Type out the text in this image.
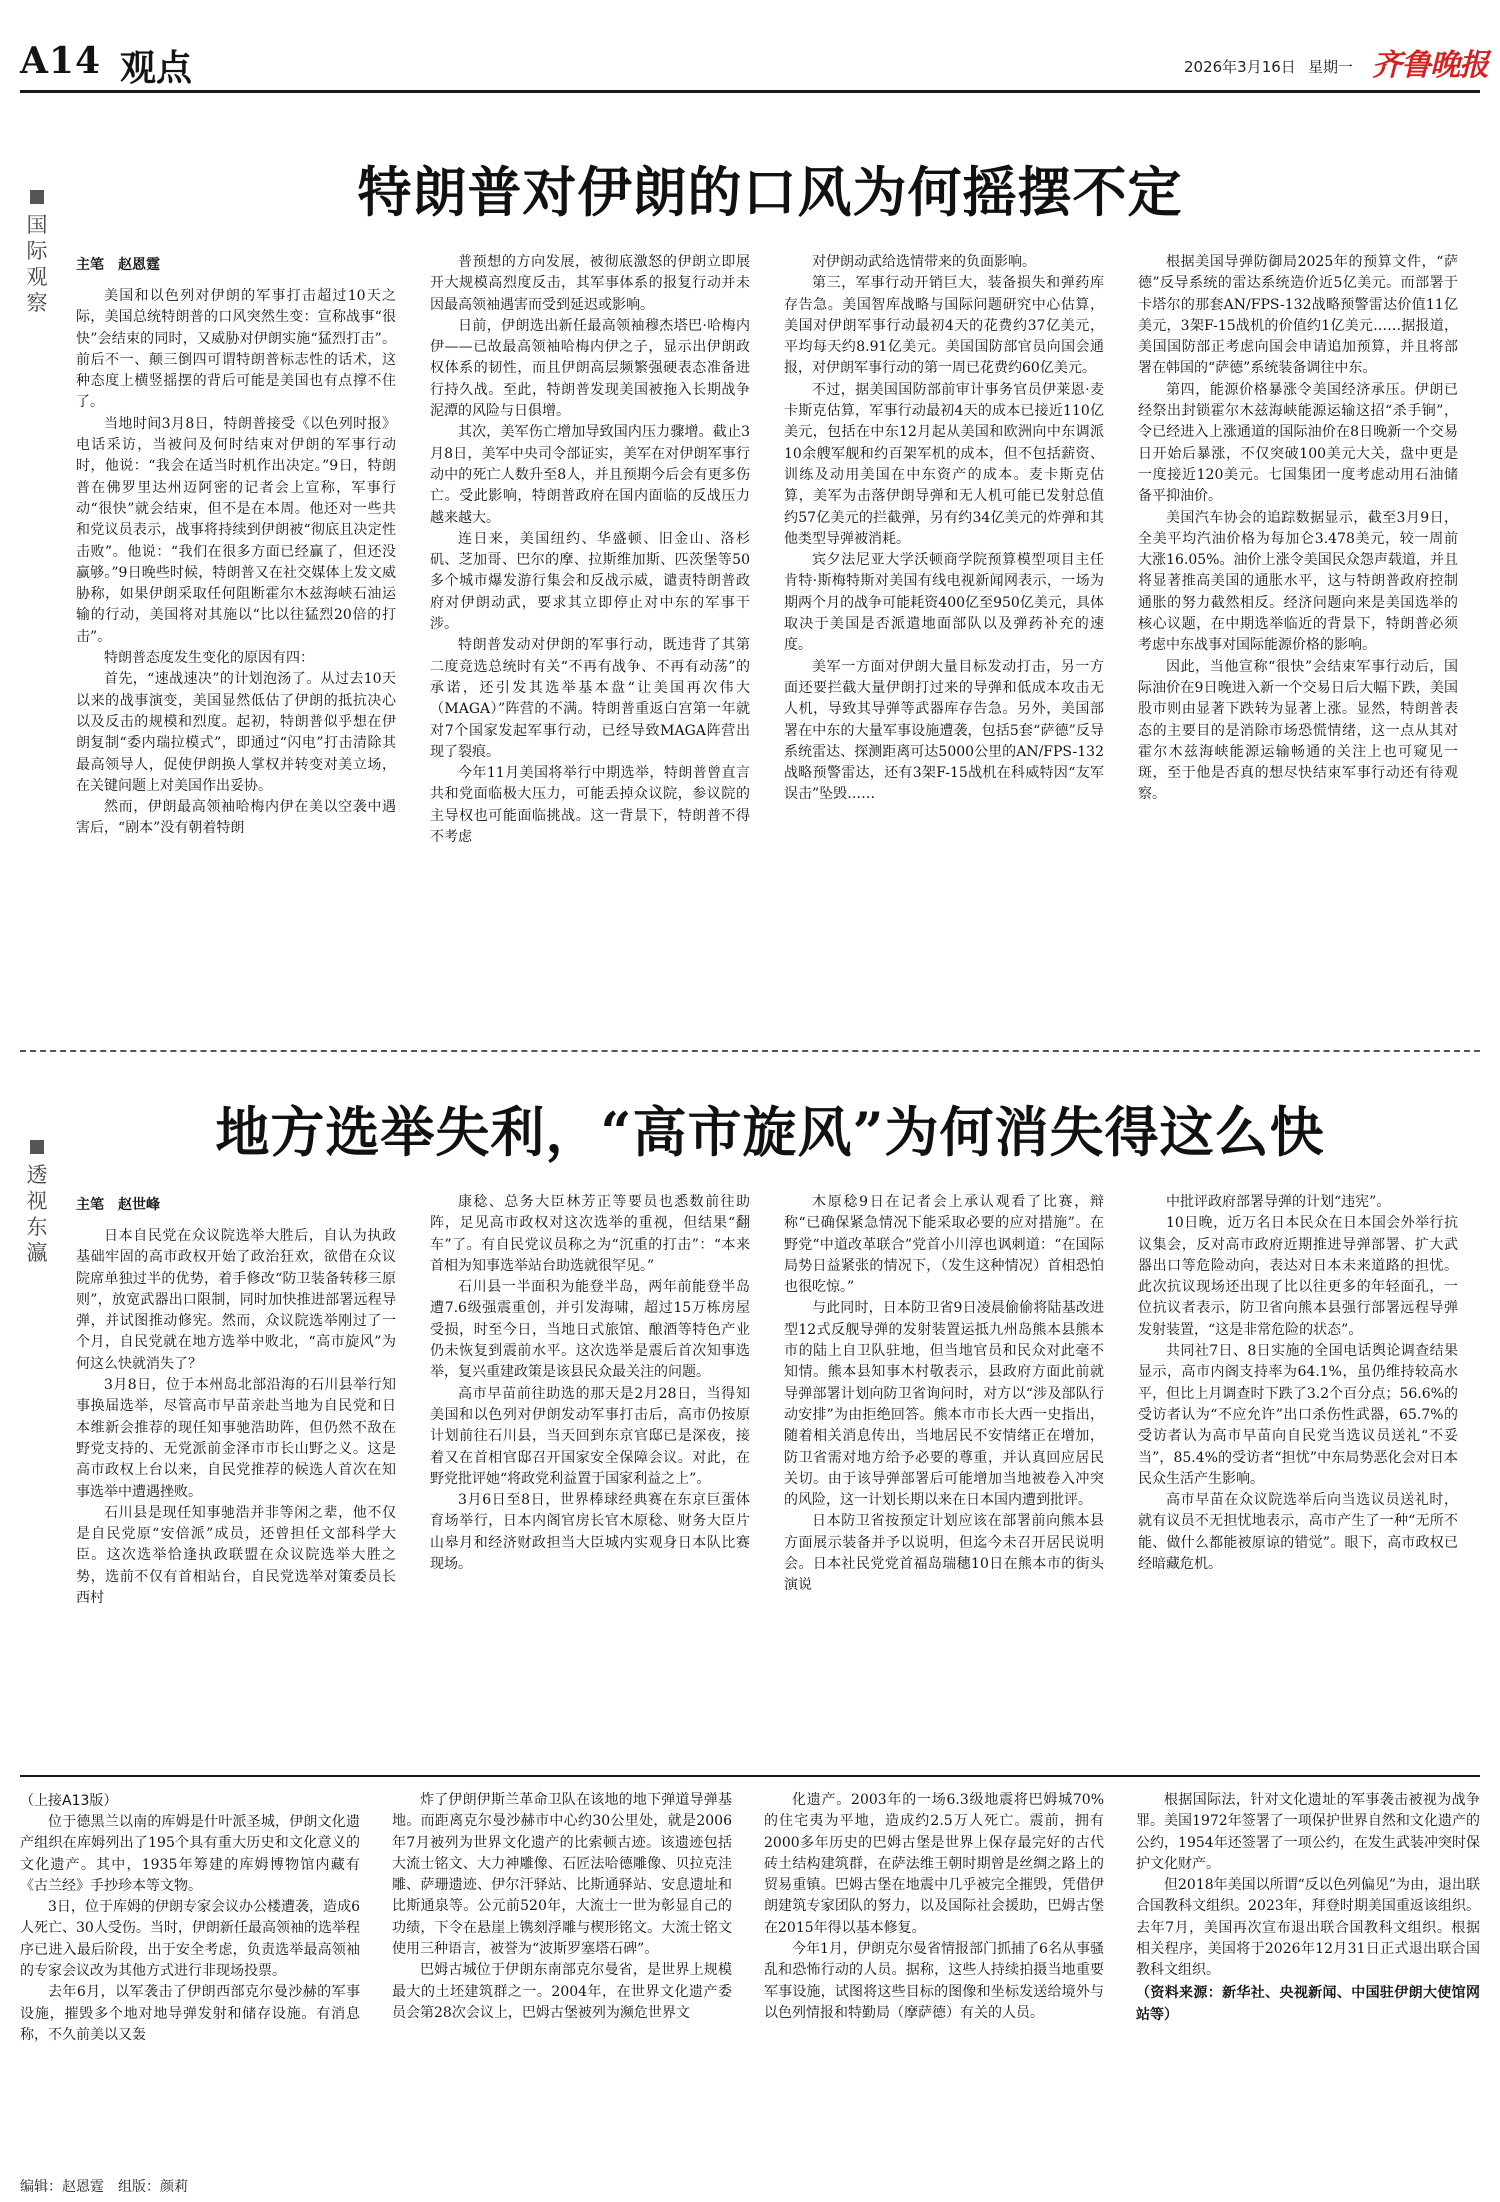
A14 观点	2026年3月16日 星期一 齐鲁晚报
国
际
观
察
特朗普对伊朗的口风为何摇摆不定
主笔　赵恩霆

美国和以色列对伊朗的军事打击超过10天之际，美国总统特朗普的口风突然生变：宣称战事“很快”会结束的同时，又威胁对伊朗实施“猛烈打击”。前后不一、颠三倒四可谓特朗普标志性的话术，这种态度上横竖摇摆的背后可能是美国也有点撑不住了。

当地时间3月8日，特朗普接受《以色列时报》电话采访，当被问及何时结束对伊朗的军事行动时，他说：“我会在适当时机作出决定。”9日，特朗普在佛罗里达州迈阿密的记者会上宣称，军事行动“很快”就会结束，但不是在本周。他还对一些共和党议员表示，战事将持续到伊朗被“彻底且决定性击败”。他说：“我们在很多方面已经赢了，但还没赢够。”9日晚些时候，特朗普又在社交媒体上发文威胁称，如果伊朗采取任何阻断霍尔木兹海峡石油运输的行动，美国将对其施以“比以往猛烈20倍的打击”。

特朗普态度发生变化的原因有四：

首先，“速战速决”的计划泡汤了。从过去10天以来的战事演变，美国显然低估了伊朗的抵抗决心以及反击的规模和烈度。起初，特朗普似乎想在伊朗复制“委内瑞拉模式”，即通过“闪电”打击清除其最高领导人，促使伊朗换人掌权并转变对美立场，在关键问题上对美国作出妥协。

然而，伊朗最高领袖哈梅内伊在美以空袭中遇害后，“剧本”没有朝着特朗

普预想的方向发展，被彻底激怒的伊朗立即展开大规模高烈度反击，其军事体系的报复行动并未因最高领袖遇害而受到延迟或影响。

日前，伊朗选出新任最高领袖穆杰塔巴·哈梅内伊——已故最高领袖哈梅内伊之子，显示出伊朗政权体系的韧性，而且伊朗高层频繁强硬表态准备进行持久战。至此，特朗普发现美国被拖入长期战争泥潭的风险与日俱增。

其次，美军伤亡增加导致国内压力骤增。截止3月8日，美军中央司令部证实，美军在对伊朗军事行动中的死亡人数升至8人，并且预期今后会有更多伤亡。受此影响，特朗普政府在国内面临的反战压力越来越大。

连日来，美国纽约、华盛顿、旧金山、洛杉矶、芝加哥、巴尔的摩、拉斯维加斯、匹茨堡等50多个城市爆发游行集会和反战示威，谴责特朗普政府对伊朗动武，要求其立即停止对中东的军事干涉。

特朗普发动对伊朗的军事行动，既违背了其第二度竞选总统时有关“不再有战争、不再有动荡”的承诺，还引发其选举基本盘“让美国再次伟大（MAGA）”阵营的不满。特朗普重返白宫第一年就对7个国家发起军事行动，已经导致MAGA阵营出现了裂痕。

今年11月美国将举行中期选举，特朗普曾直言共和党面临极大压力，可能丢掉众议院，参议院的主导权也可能面临挑战。这一背景下，特朗普不得不考虑

对伊朗动武给选情带来的负面影响。

第三，军事行动开销巨大，装备损失和弹药库存告急。美国智库战略与国际问题研究中心估算，美国对伊朗军事行动最初4天的花费约37亿美元，平均每天约8.91亿美元。美国国防部官员向国会通报，对伊朗军事行动的第一周已花费约60亿美元。

不过，据美国国防部前审计事务官员伊莱恩·麦卡斯克估算，军事行动最初4天的成本已接近110亿美元，包括在中东12月起从美国和欧洲向中东调派10余艘军舰和约百架军机的成本，但不包括薪资、训练及动用美国在中东资产的成本。麦卡斯克估算，美军为击落伊朗导弹和无人机可能已发射总值约57亿美元的拦截弹，另有约34亿美元的炸弹和其他类型导弹被消耗。

宾夕法尼亚大学沃顿商学院预算模型项目主任肯特·斯梅特斯对美国有线电视新闻网表示，一场为期两个月的战争可能耗资400亿至950亿美元，具体取决于美国是否派遣地面部队以及弹药补充的速度。

美军一方面对伊朗大量目标发动打击，另一方面还要拦截大量伊朗打过来的导弹和低成本攻击无人机，导致其导弹等武器库存告急。另外，美国部署在中东的大量军事设施遭袭，包括5套“萨德”反导系统雷达、探测距离可达5000公里的AN/FPS-132战略预警雷达，还有3架F-15战机在科威特因“友军误击”坠毁……

根据美国导弹防御局2025年的预算文件，“萨德”反导系统的雷达系统造价近5亿美元。而部署于卡塔尔的那套AN/FPS-132战略预警雷达价值11亿美元，3架F-15战机的价值约1亿美元……据报道，美国国防部正考虑向国会申请追加预算，并且将部署在韩国的“萨德”系统装备调往中东。

第四，能源价格暴涨令美国经济承压。伊朗已经祭出封锁霍尔木兹海峡能源运输这招“杀手锏”，令已经进入上涨通道的国际油价在8日晚新一个交易日开始后暴涨，不仅突破100美元大关，盘中更是一度接近120美元。七国集团一度考虑动用石油储备平抑油价。

美国汽车协会的追踪数据显示，截至3月9日，全美平均汽油价格为每加仑3.478美元，较一周前大涨16.05%。油价上涨令美国民众怨声载道，并且将显著推高美国的通胀水平，这与特朗普政府控制通胀的努力截然相反。经济问题向来是美国选举的核心议题，在中期选举临近的背景下，特朗普必须考虑中东战事对国际能源价格的影响。

因此，当他宣称“很快”会结束军事行动后，国际油价在9日晚进入新一个交易日后大幅下跌，美国股市则由显著下跌转为显著上涨。显然，特朗普表态的主要目的是消除市场恐慌情绪，这一点从其对霍尔木兹海峡能源运输畅通的关注上也可窥见一斑，至于他是否真的想尽快结束军事行动还有待观察。

透
视
东
瀛
地方选举失利，“高市旋风”为何消失得这么快
主笔　赵世峰

日本自民党在众议院选举大胜后，自认为执政基础牢固的高市政权开始了政治狂欢，欲借在众议院席单独过半的优势，着手修改“防卫装备转移三原则”，放宽武器出口限制，同时加快推进部署远程导弹，并试图推动修宪。然而，众议院选举刚过了一个月，自民党就在地方选举中败北，“高市旋风”为何这么快就消失了？

3月8日，位于本州岛北部沿海的石川县举行知事换届选举，尽管高市早苗亲赴当地为自民党和日本维新会推荐的现任知事驰浩助阵，但仍然不敌在野党支持的、无党派前金泽市市长山野之义。这是高市政权上台以来，自民党推荐的候选人首次在知事选举中遭遇挫败。

石川县是现任知事驰浩并非等闲之辈，他不仅是自民党原“安倍派”成员，还曾担任文部科学大臣。这次选举恰逢执政联盟在众议院选举大胜之势，选前不仅有首相站台，自民党选举对策委员长西村

康稔、总务大臣林芳正等要员也悉数前往助阵，足见高市政权对这次选举的重视，但结果“翻车”了。有自民党议员称之为“沉重的打击”：“本来首相为知事选举站台助选就很罕见。”

石川县一半面积为能登半岛，两年前能登半岛遭7.6级强震重创，并引发海啸，超过15万栋房屋受损，时至今日，当地日式旅馆、酿酒等特色产业仍未恢复到震前水平。这次选举是震后首次知事选举，复兴重建政策是该县民众最关注的问题。

高市早苗前往助选的那天是2月28日，当得知美国和以色列对伊朗发动军事打击后，高市仍按原计划前往石川县，当天回到东京官邸已是深夜，接着又在首相官邸召开国家安全保障会议。对此，在野党批评她“将政党利益置于国家利益之上”。

3月6日至8日，世界棒球经典赛在东京巨蛋体育场举行，日本内阁官房长官木原稔、财务大臣片山皋月和经济财政担当大臣城内实观身日本队比赛现场。

木原稔9日在记者会上承认观看了比赛，辩称“已确保紧急情况下能采取必要的应对措施”。在野党“中道改革联合”党首小川淳也讽刺道：“在国际局势日益紧张的情况下，（发生这种情况）首相恐怕也很吃惊。”

与此同时，日本防卫省9日凌晨偷偷将陆基改进型12式反舰导弹的发射装置运抵九州岛熊本县熊本市的陆上自卫队驻地，但当地官员和民众对此毫不知情。熊本县知事木村敬表示，县政府方面此前就导弹部署计划向防卫省询问时，对方以“涉及部队行动安排”为由拒绝回答。熊本市市长大西一史指出，随着相关消息传出，当地居民不安情绪正在增加，防卫省需对地方给予必要的尊重，并认真回应居民关切。由于该导弹部署后可能增加当地被卷入冲突的风险，这一计划长期以来在日本国内遭到批评。

日本防卫省按预定计划应该在部署前向熊本县方面展示装备并予以说明，但迄今未召开居民说明会。日本社民党党首福岛瑞穗10日在熊本市的街头演说

中批评政府部署导弹的计划“违宪”。

10日晚，近万名日本民众在日本国会外举行抗议集会，反对高市政府近期推进导弹部署、扩大武器出口等危险动向，表达对日本未来道路的担忧。此次抗议现场还出现了比以往更多的年轻面孔，一位抗议者表示，防卫省向熊本县强行部署远程导弹发射装置，“这是非常危险的状态”。

共同社7日、8日实施的全国电话舆论调查结果显示，高市内阁支持率为64.1%，虽仍维持较高水平，但比上月调查时下跌了3.2个百分点；56.6%的受访者认为“不应允许”出口杀伤性武器，65.7%的受访者认为高市早苗向自民党当选议员送礼“不妥当”，85.4%的受访者“担忧”中东局势恶化会对日本民众生活产生影响。

高市早苗在众议院选举后向当选议员送礼时，就有议员不无担忧地表示，高市产生了一种“无所不能、做什么都能被原谅的错觉”。眼下，高市政权已经暗藏危机。

（上接A13版）

位于德黑兰以南的库姆是什叶派圣城，伊朗文化遗产组织在库姆列出了195个具有重大历史和文化意义的文化遗产。其中，1935年筹建的库姆博物馆内藏有《古兰经》手抄珍本等文物。

3日，位于库姆的伊朗专家会议办公楼遭袭，造成6人死亡、30人受伤。当时，伊朗新任最高领袖的选举程序已进入最后阶段，出于安全考虑，负责选举最高领袖的专家会议改为其他方式进行非现场投票。

去年6月，以军袭击了伊朗西部克尔曼沙赫的军事设施，摧毁多个地对地导弹发射和储存设施。有消息称，不久前美以又轰

炸了伊朗伊斯兰革命卫队在该地的地下弹道导弹基地。而距离克尔曼沙赫市中心约30公里处，就是2006年7月被列为世界文化遗产的比索顿古迹。该遗迹包括大流士铭文、大力神雕像、石匠法哈德雕像、贝拉克洼雕、萨珊遗迹、伊尔汗驿站、比斯通驿站、安息遗址和比斯通泉等。公元前520年，大流士一世为彰显自己的功绩，下令在悬崖上镌刻浮雕与楔形铭文。大流士铭文使用三种语言，被誉为“波斯罗塞塔石碑”。

巴姆古城位于伊朗东南部克尔曼省，是世界上规模最大的土坯建筑群之一。2004年，在世界文化遗产委员会第28次会议上，巴姆古堡被列为濒危世界文

化遗产。2003年的一场6.3级地震将巴姆城70%的住宅夷为平地，造成约2.5万人死亡。震前，拥有2000多年历史的巴姆古堡是世界上保存最完好的古代砖土结构建筑群，在萨法维王朝时期曾是丝绸之路上的贸易重镇。巴姆古堡在地震中几乎被完全摧毁，凭借伊朗建筑专家团队的努力，以及国际社会援助，巴姆古堡在2015年得以基本修复。

今年1月，伊朗克尔曼省情报部门抓捕了6名从事骚乱和恐怖行动的人员。据称，这些人持续拍摄当地重要军事设施，试图将这些目标的图像和坐标发送给境外与以色列情报和特勤局（摩萨德）有关的人员。

根据国际法，针对文化遗址的军事袭击被视为战争罪。美国1972年签署了一项保护世界自然和文化遗产的公约，1954年还签署了一项公约，在发生武装冲突时保护文化财产。

但2018年美国以所谓“反以色列偏见”为由，退出联合国教科文组织。2023年，拜登时期美国重返该组织。去年7月，美国再次宣布退出联合国教科文组织。根据相关程序，美国将于2026年12月31日正式退出联合国教科文组织。

（资料来源：新华社、央视新闻、中国驻伊朗大使馆网站等）
编辑：赵恩霆　组版：颜莉
